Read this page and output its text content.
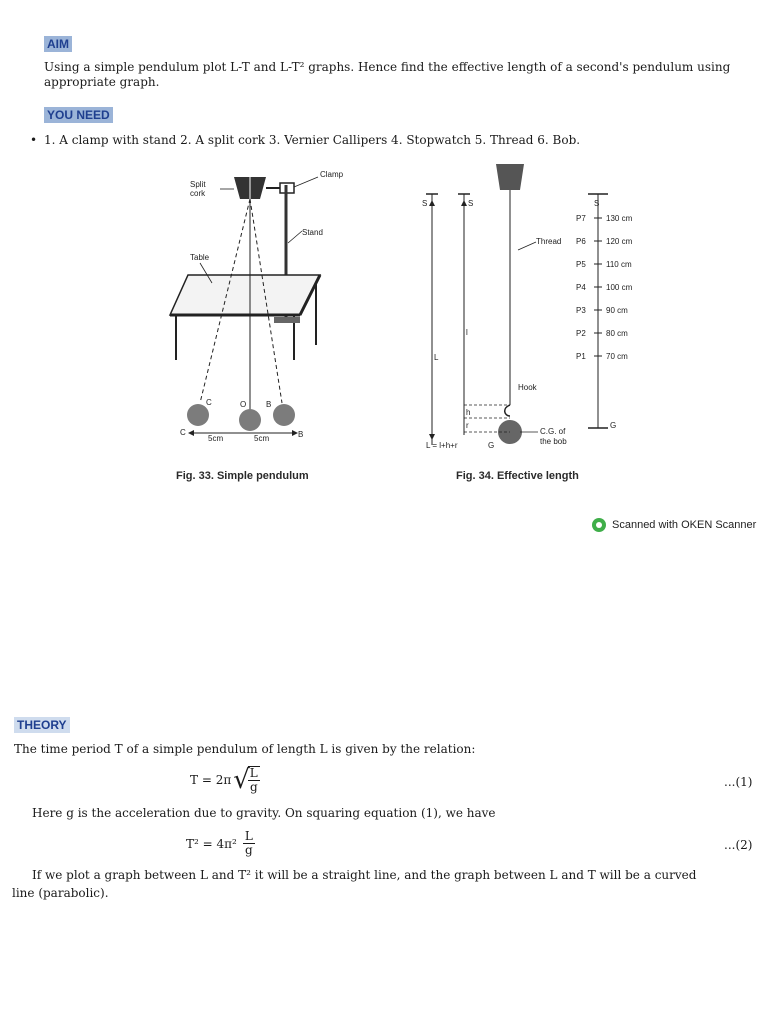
AIM
Using a simple pendulum plot L-T and L-T² graphs. Hence find the effective length of a second's pendulum using appropriate graph.
YOU NEED
• 1. A clamp with stand 2. A split cork 3. Vernier Callipers 4. Stopwatch 5. Thread 6. Bob.
Split
cork
Clamp
Stand
Table
C	O B
C
5cm	5cm	B
Fig. 33. Simple pendulum
S	S	S
Thread
Hook
L
l
h
r
L = l+h+r	G
G
C.G. of
the bob
P7	130 cm
P6	120 cm
P5	110 cm
P4	100 cm
P3	90 cm
P2	80 cm
P1	70 cm
Fig. 34. Effective length
Scanned with OKEN Scanner
THEORY
The time period T of a simple pendulum of length L is given by the relation:
T = 2π √
$\frac{L}{g}$	...(1)
Here g is the acceleration due to gravity. On squaring equation (1), we have
$T^2 = 4\pi^2 \frac{L}{g}$	...(2)
If we plot a graph between L and T² it will be a straight line, and the graph between L and T will be a curved
line (parabolic).
